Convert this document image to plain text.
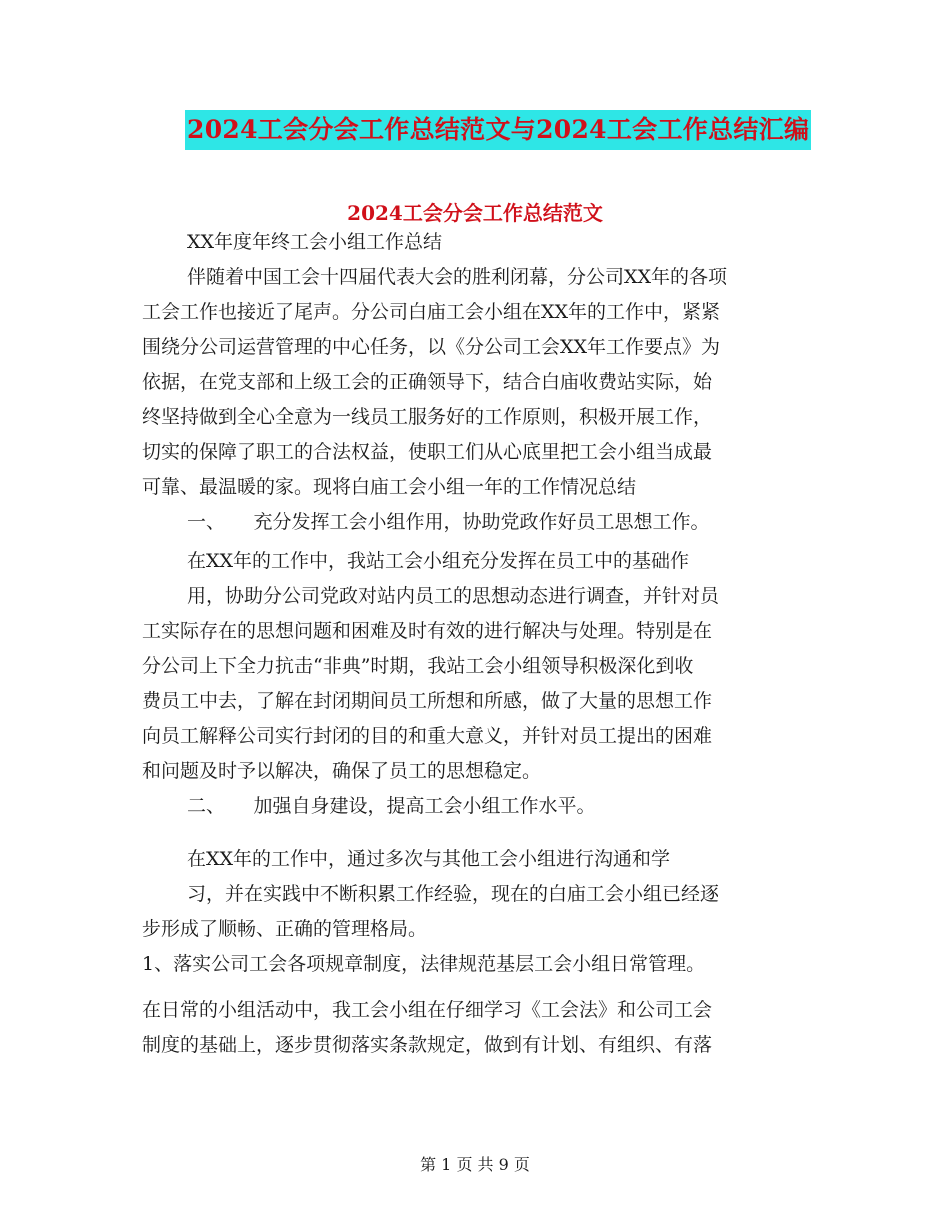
2024工会分会工作总结范文与2024工会工作总结汇编
2024工会分会工作总结范文
XX年度年终工会小组工作总结
伴随着中国工会十四届代表大会的胜利闭幕，分公司XX年的各项
工会工作也接近了尾声。分公司白庙工会小组在XX年的工作中，紧紧
围绕分公司运营管理的中心任务，以《分公司工会XX年工作要点》为
依据，在党支部和上级工会的正确领导下，结合白庙收费站实际，始
终坚持做到全心全意为一线员工服务好的工作原则，积极开展工作，
切实的保障了职工的合法权益，使职工们从心底里把工会小组当成最
可靠、最温暖的家。现将白庙工会小组一年的工作情况总结
一、　　充分发挥工会小组作用，协助党政作好员工思想工作。
在XX年的工作中，我站工会小组充分发挥在员工中的基础作
用，协助分公司党政对站内员工的思想动态进行调查，并针对员
工实际存在的思想问题和困难及时有效的进行解决与处理。特别是在
分公司上下全力抗击“非典”时期，我站工会小组领导积极深化到收
费员工中去，了解在封闭期间员工所想和所感，做了大量的思想工作
向员工解释公司实行封闭的目的和重大意义，并针对员工提出的困难
和问题及时予以解决，确保了员工的思想稳定。
二、　　加强自身建设，提高工会小组工作水平。
在XX年的工作中，通过多次与其他工会小组进行沟通和学
习，并在实践中不断积累工作经验，现在的白庙工会小组已经逐
步形成了顺畅、正确的管理格局。
1、落实公司工会各项规章制度，法律规范基层工会小组日常管理。
在日常的小组活动中，我工会小组在仔细学习《工会法》和公司工会
制度的基础上，逐步贯彻落实条款规定，做到有计划、有组织、有落
第 1 页 共 9 页
